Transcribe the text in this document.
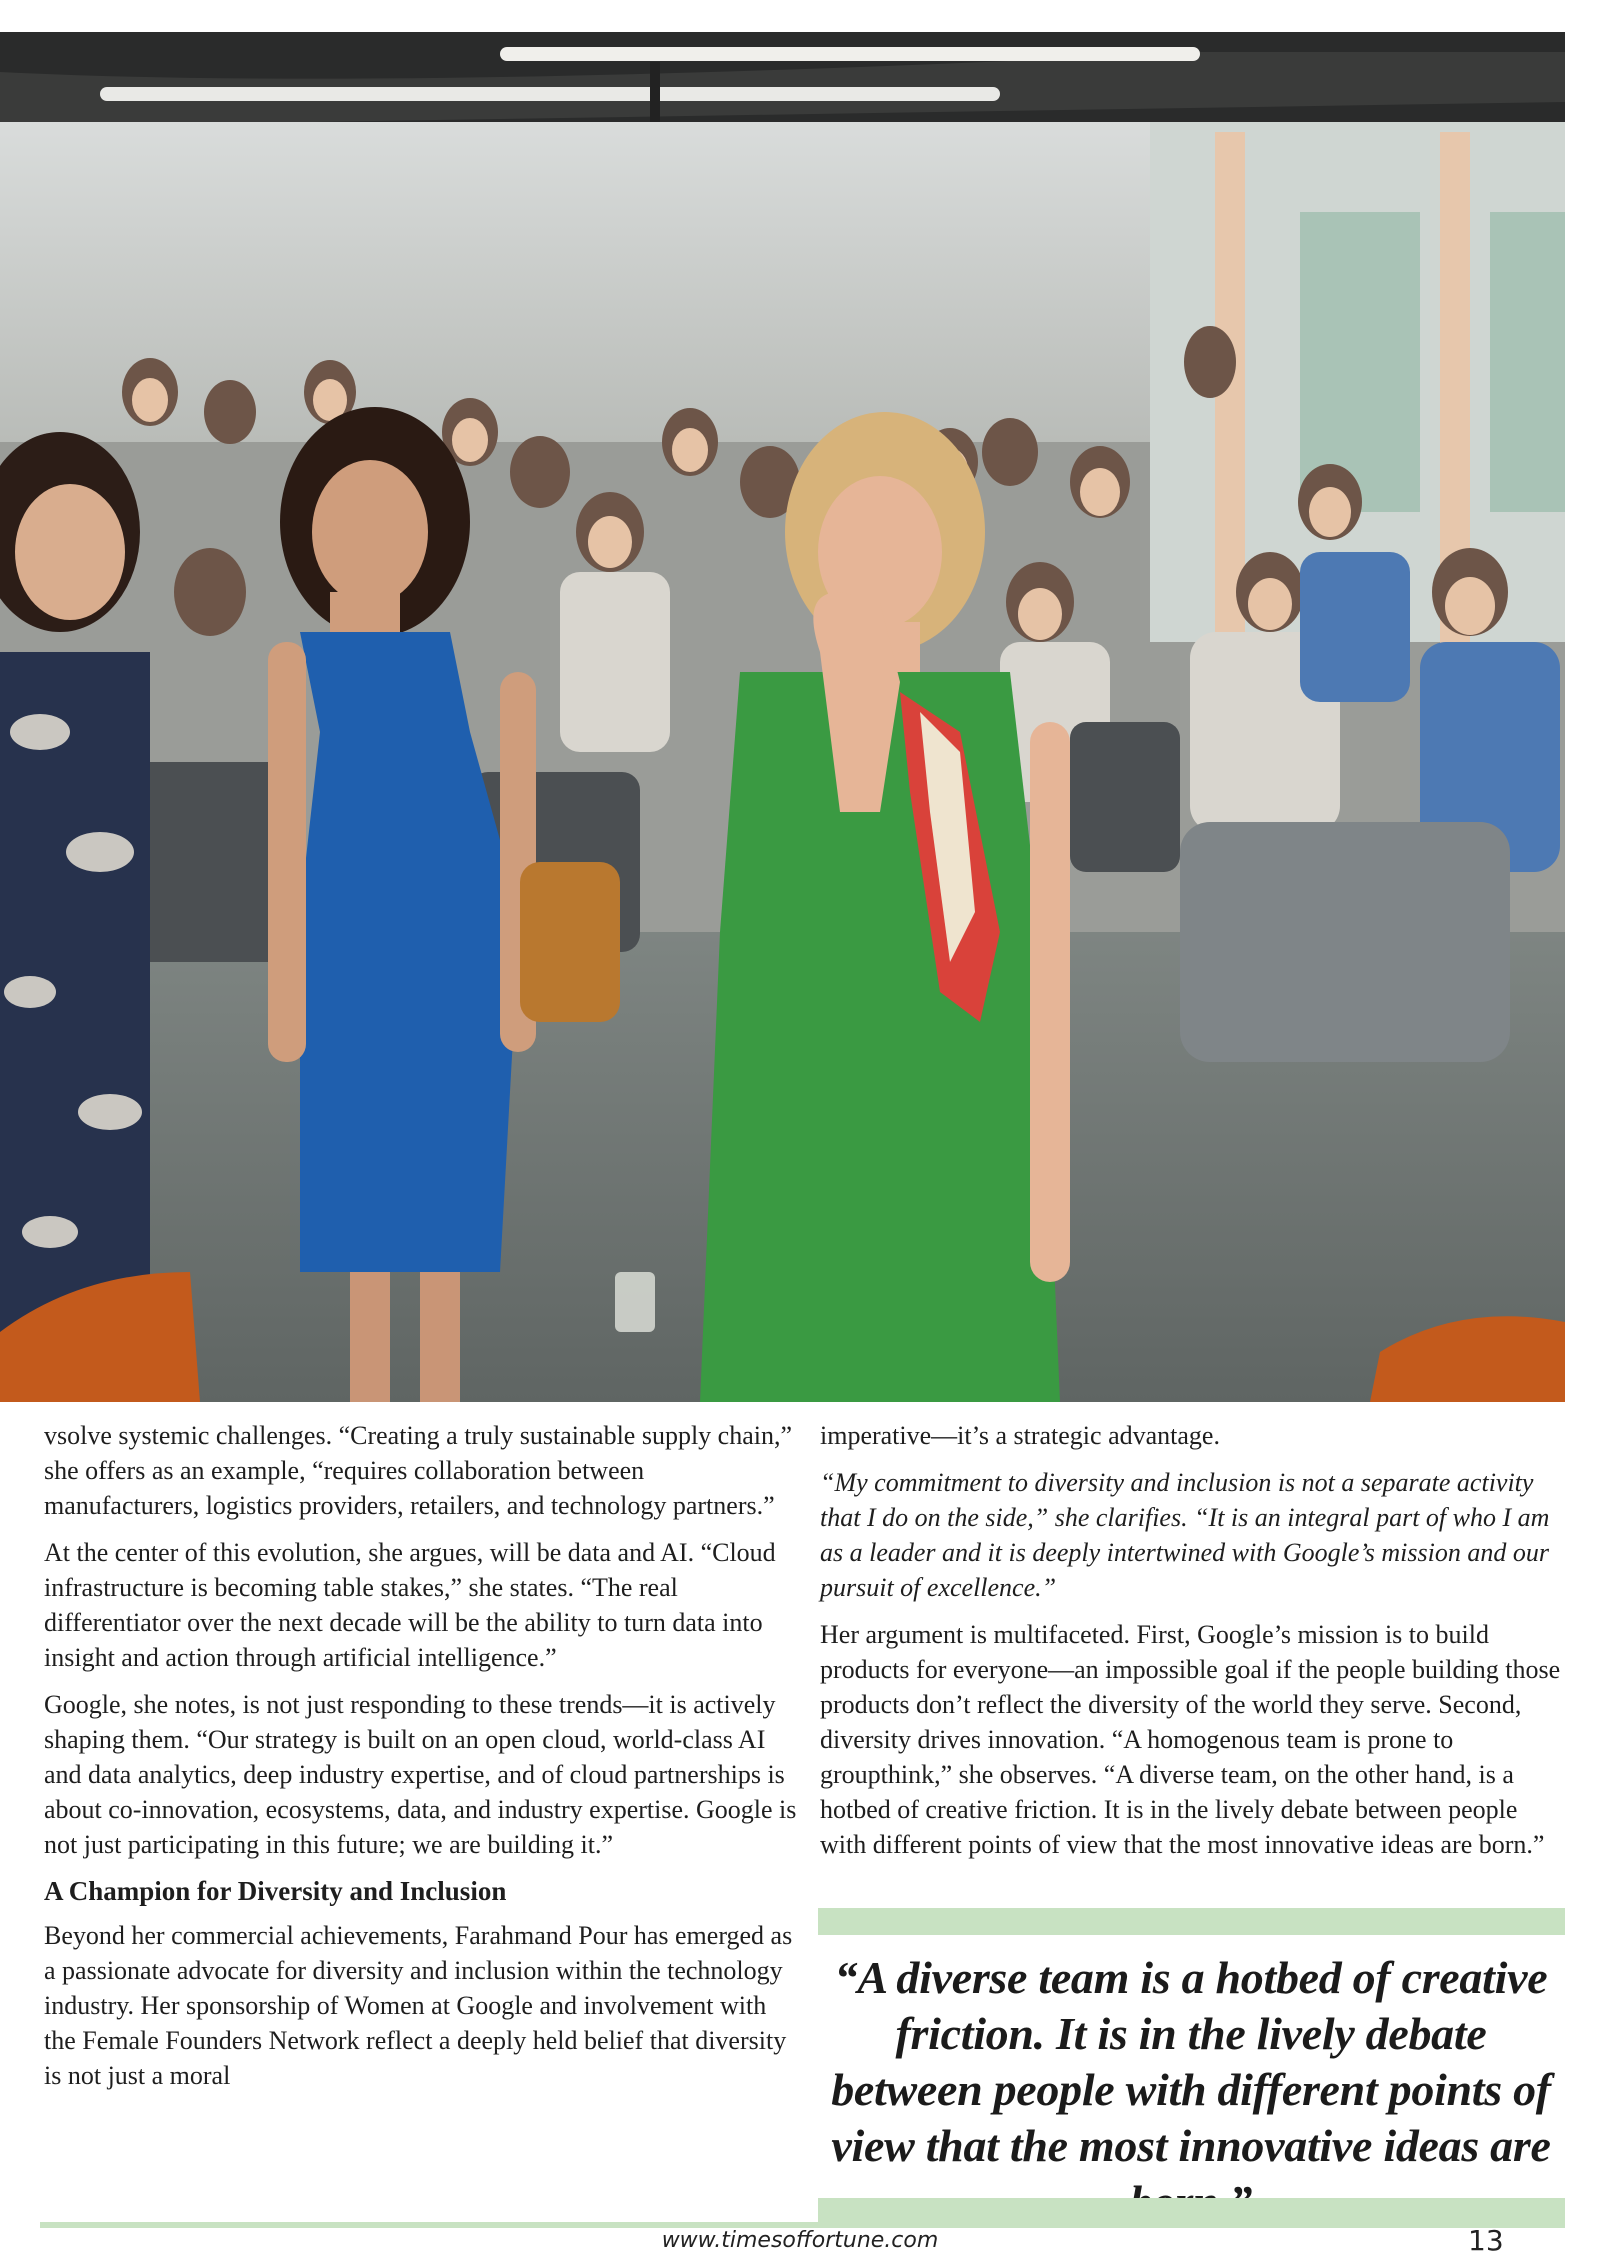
vsolve systemic challenges. “Creating a truly sustainable supply chain,” she offers as an example, “requires collaboration between manufacturers, logistics providers, retailers, and technology partners.”

At the center of this evolution, she argues, will be data and AI. “Cloud infrastructure is becoming table stakes,” she states. “The real differentiator over the next decade will be the ability to turn data into insight and action through artificial intelligence.”

Google, she notes, is not just responding to these trends—it is actively shaping them. “Our strategy is built on an open cloud, world-class AI and data analytics, deep industry expertise, and of cloud partnerships is about co-innovation, ecosystems, data, and industry expertise. Google is not just participating in this future; we are building it.”

A Champion for Diversity and Inclusion

Beyond her commercial achievements, Farahmand Pour has emerged as a passionate advocate for diversity and inclusion within the technology industry. Her sponsorship of Women at Google and involvement with the Female Founders Network reflect a deeply held belief that diversity is not just a moral

imperative—it’s a strategic advantage.

“My commitment to diversity and inclusion is not a separate activity that I do on the side,” she clarifies. “It is an integral part of who I am as a leader and it is deeply intertwined with Google’s mission and our pursuit of excellence.”

Her argument is multifaceted. First, Google’s mission is to build products for everyone—an impossible goal if the people building those products don’t reflect the diversity of the world they serve. Second, diversity drives innovation. “A homogenous team is prone to groupthink,” she observes. “A diverse team, on the other hand, is a hotbed of creative friction. It is in the lively debate between people with different points of view that the most innovative ideas are born.”

“A diverse team is a hotbed of creative friction. It is in the lively debate between people with different points of view that the most innovative ideas are
www.timesoffortune.com	13
